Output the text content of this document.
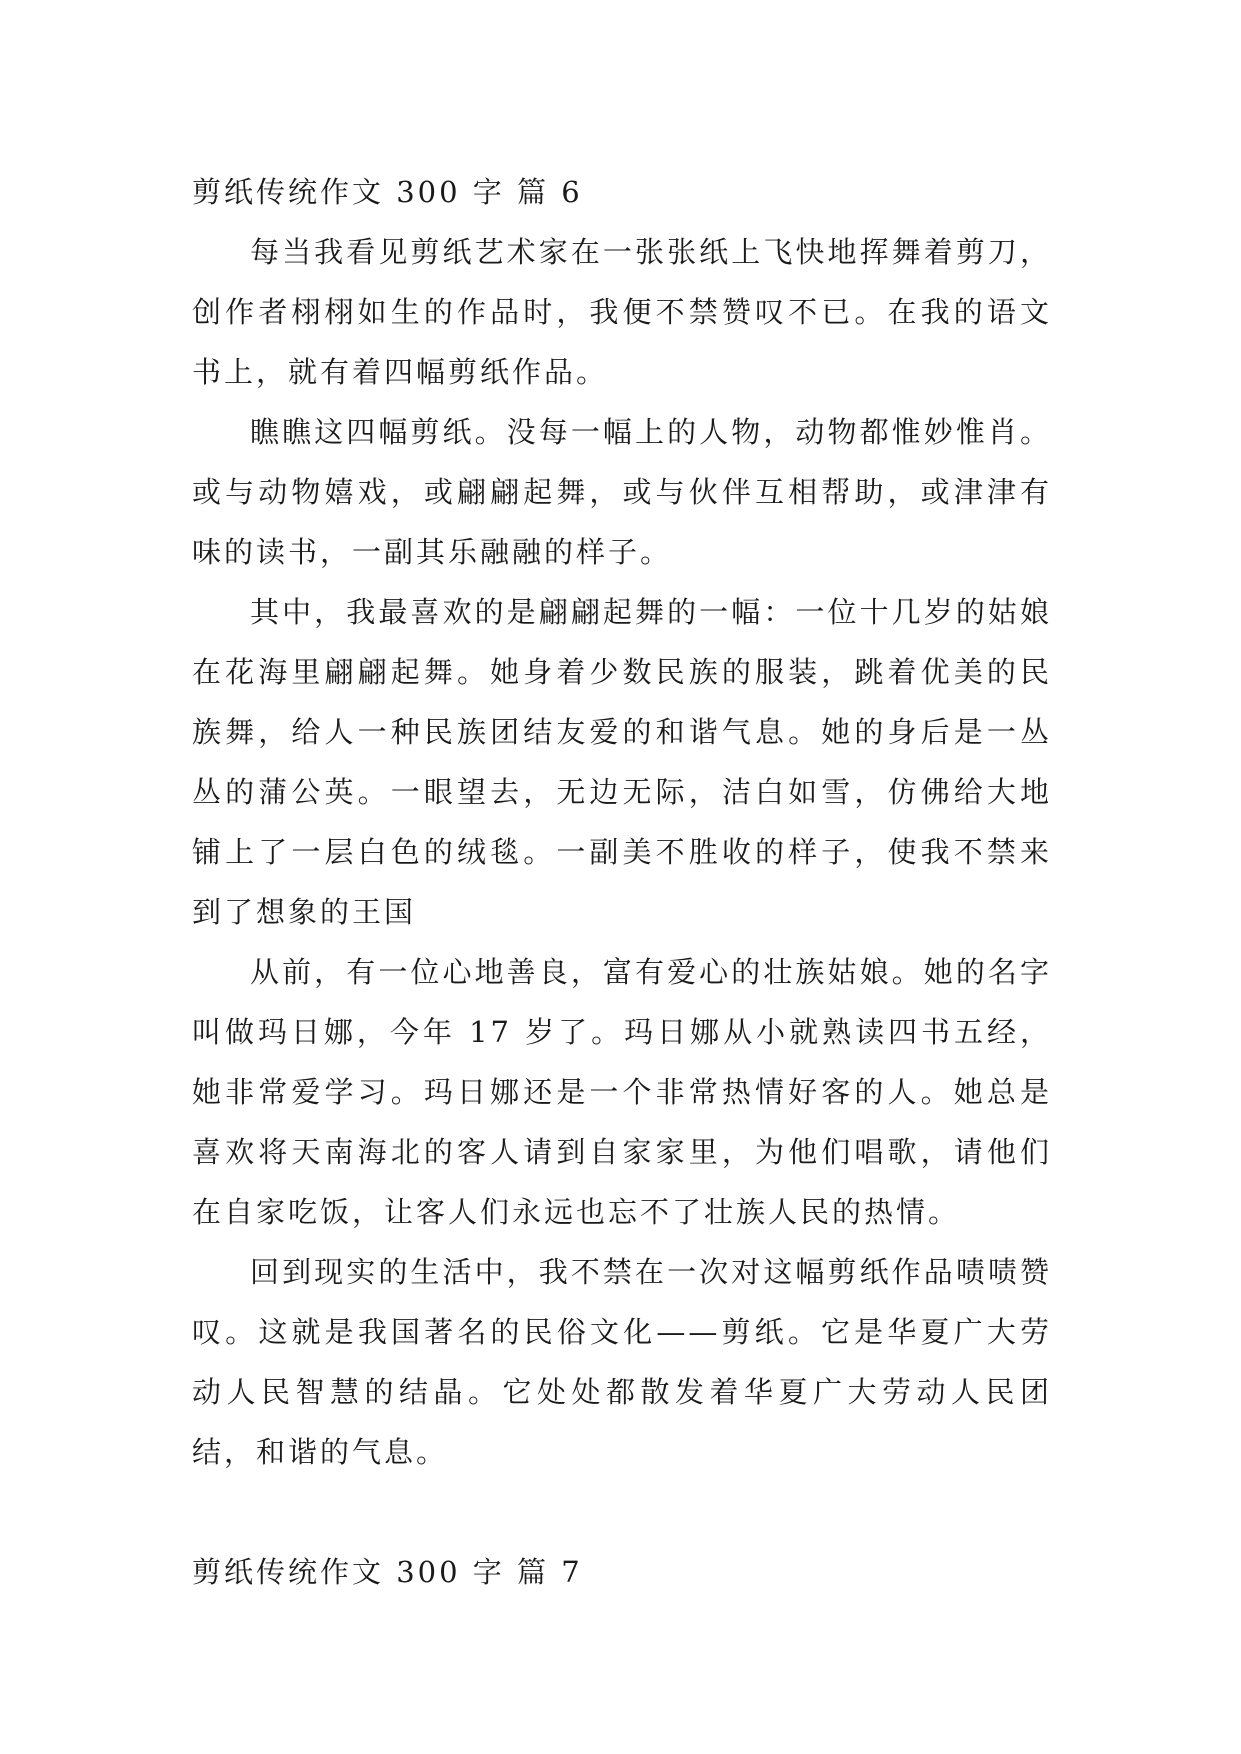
剪纸传统作文 300 字 篇 6

每当我看见剪纸艺术家在一张张纸上飞快地挥舞着剪刀，创作者栩栩如生的作品时，我便不禁赞叹不已。在我的语文书上，就有着四幅剪纸作品。

瞧瞧这四幅剪纸。没每一幅上的人物，动物都惟妙惟肖。或与动物嬉戏，或翩翩起舞，或与伙伴互相帮助，或津津有味的读书，一副其乐融融的样子。

其中，我最喜欢的是翩翩起舞的一幅：一位十几岁的姑娘在花海里翩翩起舞。她身着少数民族的服装，跳着优美的民族舞，给人一种民族团结友爱的和谐气息。她的身后是一丛丛的蒲公英。一眼望去，无边无际，洁白如雪，仿佛给大地铺上了一层白色的绒毯。一副美不胜收的样子，使我不禁来到了想象的王国

从前，有一位心地善良，富有爱心的壮族姑娘。她的名字叫做玛日娜，今年 17 岁了。玛日娜从小就熟读四书五经，她非常爱学习。玛日娜还是一个非常热情好客的人。她总是喜欢将天南海北的客人请到自家家里，为他们唱歌，请他们在自家吃饭，让客人们永远也忘不了壮族人民的热情。

回到现实的生活中，我不禁在一次对这幅剪纸作品啧啧赞叹。这就是我国著名的民俗文化——剪纸。它是华夏广大劳动人民智慧的结晶。它处处都散发着华夏广大劳动人民团结，和谐的气息。

剪纸传统作文 300 字 篇 7
